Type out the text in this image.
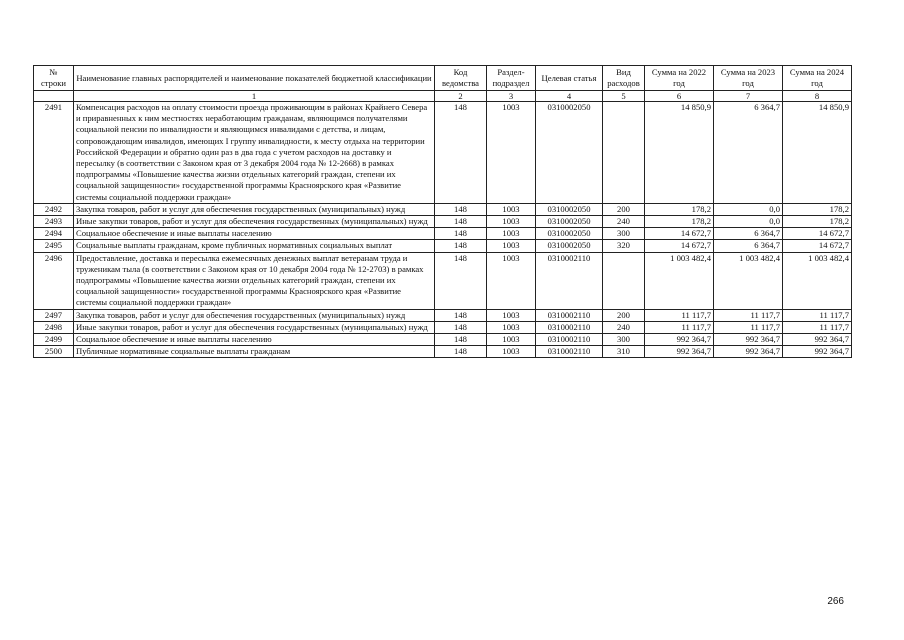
№ строки	Наименование главных распорядителей и наименование показателей бюджетной классификации	Код ведомства	Раздел-подраздел	Целевая статья	Вид расходов	Сумма на 2022 год	Сумма на 2023 год	Сумма на 2024 год
	1	2	3	4	5	6	7	8
2491	Компенсация расходов на оплату стоимости проезда проживающим в районах Крайнего Севера и приравненных к ним местностях неработающим гражданам, являющимся получателями социальной пенсии по инвалидности и являющимся инвалидами с детства, и лицам, сопровождающим инвалидов, имеющих I группу инвалидности, к месту отдыха на территории Российской Федерации и обратно один раз в два года с учетом расходов на доставку и пересылку (в соответствии с Законом края от 3 декабря 2004 года № 12-2668) в рамках подпрограммы «Повышение качества жизни отдельных категорий граждан, степени их социальной защищенности» государственной программы Красноярского края «Развитие системы социальной поддержки граждан»	148	1003	0310002050		14 850,9	6 364,7	14 850,9
2492	Закупка товаров, работ и услуг для обеспечения государственных (муниципальных) нужд	148	1003	0310002050	200	178,2	0,0	178,2
2493	Иные закупки товаров, работ и услуг для обеспечения государственных (муниципальных) нужд	148	1003	0310002050	240	178,2	0,0	178,2
2494	Социальное обеспечение и иные выплаты населению	148	1003	0310002050	300	14 672,7	6 364,7	14 672,7
2495	Социальные выплаты гражданам, кроме публичных нормативных социальных выплат	148	1003	0310002050	320	14 672,7	6 364,7	14 672,7
2496	Предоставление, доставка и пересылка ежемесячных денежных выплат ветеранам труда и труженикам тыла (в соответствии с Законом края от 10 декабря 2004 года № 12-2703) в рамках подпрограммы «Повышение качества жизни отдельных категорий граждан, степени их социальной защищенности» государственной программы Красноярского края «Развитие системы социальной поддержки граждан»	148	1003	0310002110		1 003 482,4	1 003 482,4	1 003 482,4
2497	Закупка товаров, работ и услуг для обеспечения государственных (муниципальных) нужд	148	1003	0310002110	200	11 117,7	11 117,7	11 117,7
2498	Иные закупки товаров, работ и услуг для обеспечения государственных (муниципальных) нужд	148	1003	0310002110	240	11 117,7	11 117,7	11 117,7
2499	Социальное обеспечение и иные выплаты населению	148	1003	0310002110	300	992 364,7	992 364,7	992 364,7
2500	Публичные нормативные социальные выплаты гражданам	148	1003	0310002110	310	992 364,7	992 364,7	992 364,7
266
